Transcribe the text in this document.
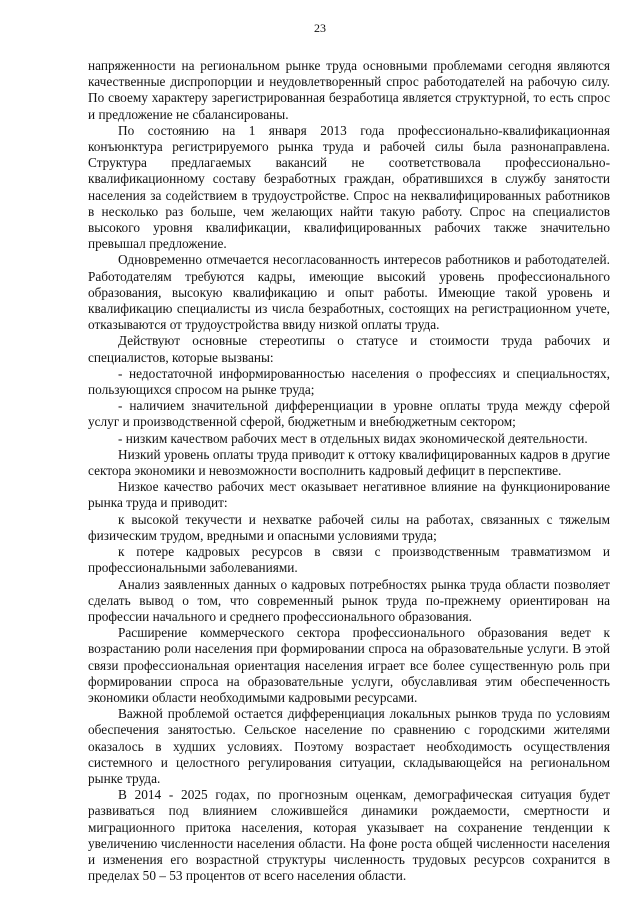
23

напряженности на региональном рынке труда основными проблемами сегодня являются качественные диспропорции и неудовлетворенный спрос работодателей на рабочую силу. По своему характеру зарегистрированная безработица является структурной, то есть спрос и предложение не сбалансированы.

По состоянию на 1 января 2013 года профессионально-квалификационная конъюнктура регистрируемого рынка труда и рабочей силы была разнонаправлена. Структура предлагаемых вакансий не соответствовала профессионально-квалификационному составу безработных граждан, обратившихся в службу занятости населения за содействием в трудоустройстве. Спрос на неквалифицированных работников в несколько раз больше, чем желающих найти такую работу. Спрос на специалистов высокого уровня квалификации, квалифицированных рабочих также значительно превышал предложение.

Одновременно отмечается несогласованность интересов работников и работодателей. Работодателям требуются кадры, имеющие высокий уровень профессионального образования, высокую квалификацию и опыт работы. Имеющие такой уровень и квалификацию специалисты из числа безработных, состоящих на регистрационном учете, отказываются от трудоустройства ввиду низкой оплаты труда.

Действуют основные стереотипы о статусе и стоимости труда рабочих и специалистов, которые вызваны:

- недостаточной информированностью населения о профессиях и специальностях, пользующихся спросом на рынке труда;

- наличием значительной дифференциации в уровне оплаты труда между сферой услуг и производственной сферой, бюджетным и внебюджетным сектором;

- низким качеством рабочих мест в отдельных видах экономической деятельности.

Низкий уровень оплаты труда приводит к оттоку квалифицированных кадров в другие сектора экономики и невозможности восполнить кадровый дефицит в перспективе.

Низкое качество рабочих мест оказывает негативное влияние на функционирование рынка труда и приводит:

к высокой текучести и нехватке рабочей силы на работах, связанных с тяжелым физическим трудом, вредными и опасными условиями труда;

к потере кадровых ресурсов в связи с производственным травматизмом и профессиональными заболеваниями.

Анализ заявленных данных о кадровых потребностях рынка труда области позволяет сделать вывод о том, что современный рынок труда по-прежнему ориентирован на профессии начального и среднего профессионального образования.

Расширение коммерческого сектора профессионального образования ведет к возрастанию роли населения при формировании спроса на образовательные услуги. В этой связи профессиональная ориентация населения играет все более существенную роль при формировании спроса на образовательные услуги, обуславливая этим обеспеченность экономики области необходимыми кадровыми ресурсами.

Важной проблемой остается дифференциация локальных рынков труда по условиям обеспечения занятостью. Сельское население по сравнению с городскими жителями оказалось в худших условиях. Поэтому возрастает необходимость осуществления системного и целостного регулирования ситуации, складывающейся на региональном рынке труда.

В 2014 - 2025 годах, по прогнозным оценкам, демографическая ситуация будет развиваться под влиянием сложившейся динамики рождаемости, смертности и миграционного притока населения, которая указывает на сохранение тенденции к увеличению численности населения области. На фоне роста общей численности населения и изменения его возрастной структуры численность трудовых ресурсов сохранится в пределах 50 – 53 процентов от всего населения области.
